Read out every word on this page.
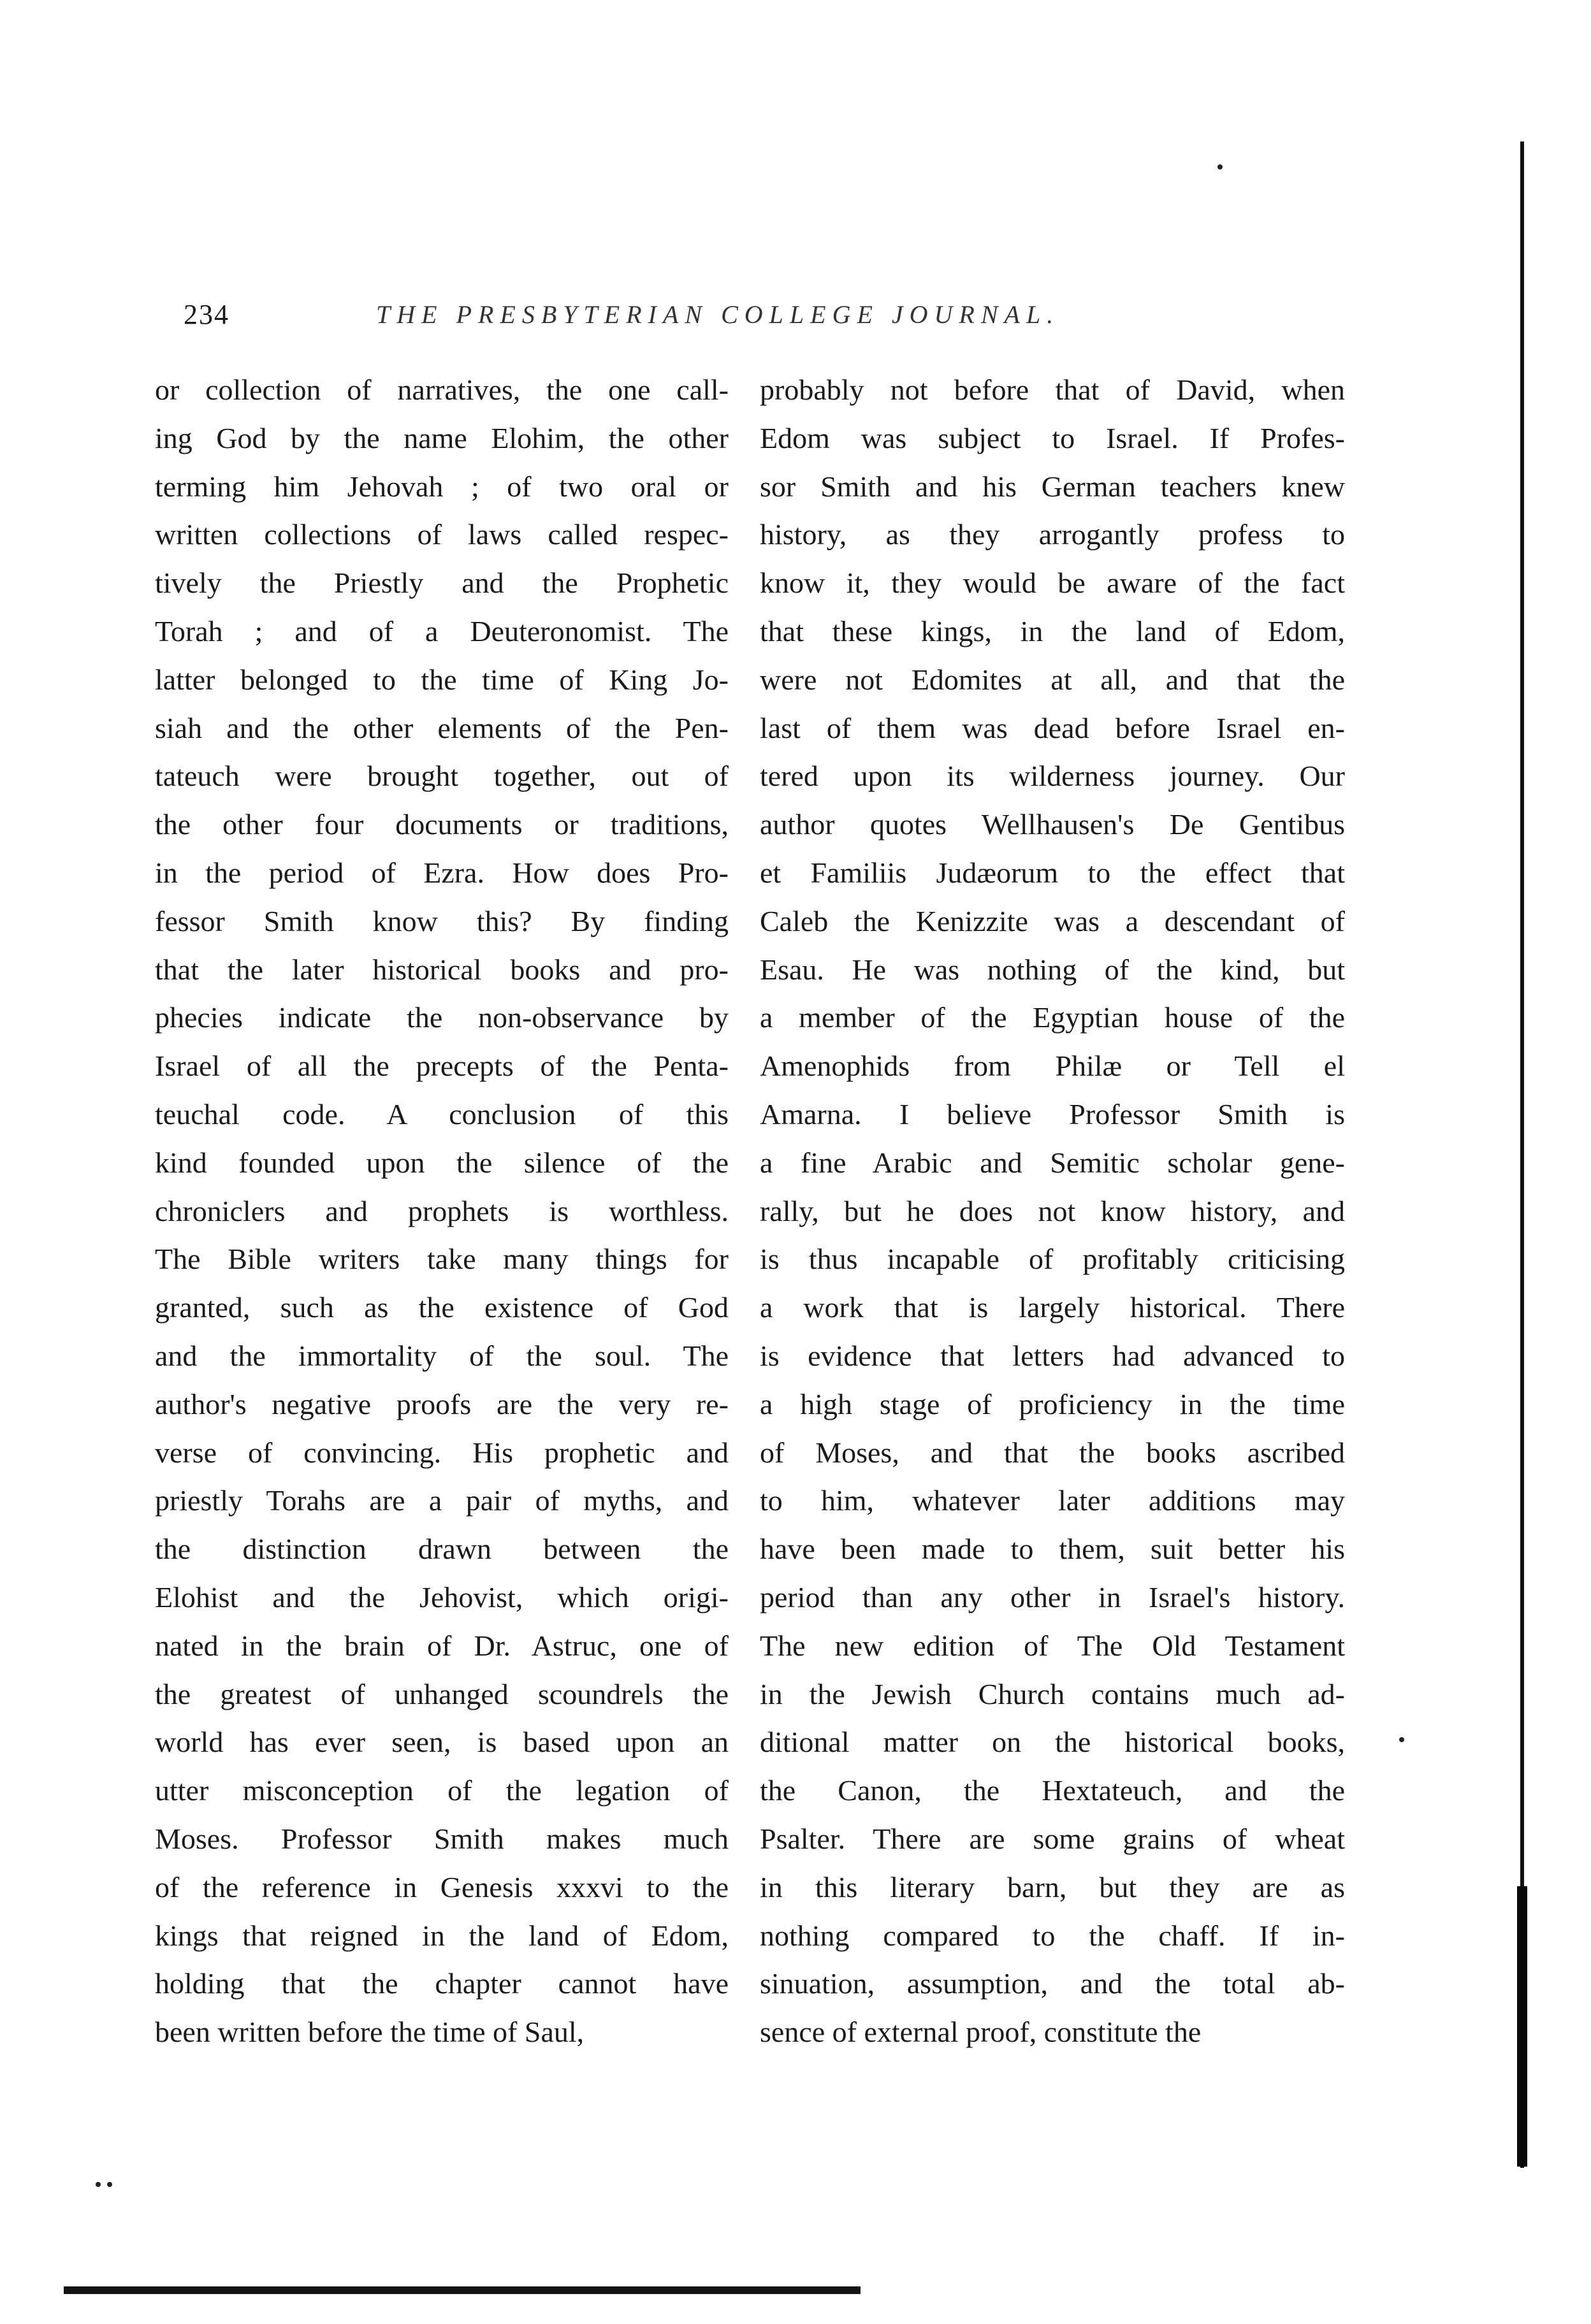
234	THE PRESBYTERIAN COLLEGE JOURNAL.
or collection of narratives, the one call-
ing God by the name Elohim, the other
terming him Jehovah ; of two oral or
written collections of laws called respec-
tively the Priestly and the Prophetic
Torah ; and of a Deuteronomist. The
latter belonged to the time of King Jo-
siah and the other elements of the Pen-
tateuch were brought together, out of
the other four documents or traditions,
in the period of Ezra. How does Pro-
fessor Smith know this? By finding
that the later historical books and pro-
phecies indicate the non-observance by
Israel of all the precepts of the Penta-
teuchal code. A conclusion of this
kind founded upon the silence of the
chroniclers and prophets is worthless.
The Bible writers take many things for
granted, such as the existence of God
and the immortality of the soul. The
author's negative proofs are the very re-
verse of convincing. His prophetic and
priestly Torahs are a pair of myths, and
the distinction drawn between the
Elohist and the Jehovist, which origi-
nated in the brain of Dr. Astruc, one of
the greatest of unhanged scoundrels the
world has ever seen, is based upon an
utter misconception of the legation of
Moses. Professor Smith makes much
of the reference in Genesis xxxvi to the
kings that reigned in the land of Edom,
holding that the chapter cannot have
been written before the time of Saul,
probably not before that of David, when
Edom was subject to Israel. If Profes-
sor Smith and his German teachers knew
history, as they arrogantly profess to
know it, they would be aware of the fact
that these kings, in the land of Edom,
were not Edomites at all, and that the
last of them was dead before Israel en-
tered upon its wilderness journey. Our
author quotes Wellhausen's De Gentibus
et Familiis Judæorum to the effect that
Caleb the Kenizzite was a descendant of
Esau. He was nothing of the kind, but
a member of the Egyptian house of the
Amenophids from Philæ or Tell el
Amarna. I believe Professor Smith is
a fine Arabic and Semitic scholar gene-
rally, but he does not know history, and
is thus incapable of profitably criticising
a work that is largely historical. There
is evidence that letters had advanced to
a high stage of proficiency in the time
of Moses, and that the books ascribed
to him, whatever later additions may
have been made to them, suit better his
period than any other in Israel's history.
The new edition of The Old Testament
in the Jewish Church contains much ad-
ditional matter on the historical books,
the Canon, the Hextateuch, and the
Psalter. There are some grains of wheat
in this literary barn, but they are as
nothing compared to the chaff. If in-
sinuation, assumption, and the total ab-
sence of external proof, constitute the
